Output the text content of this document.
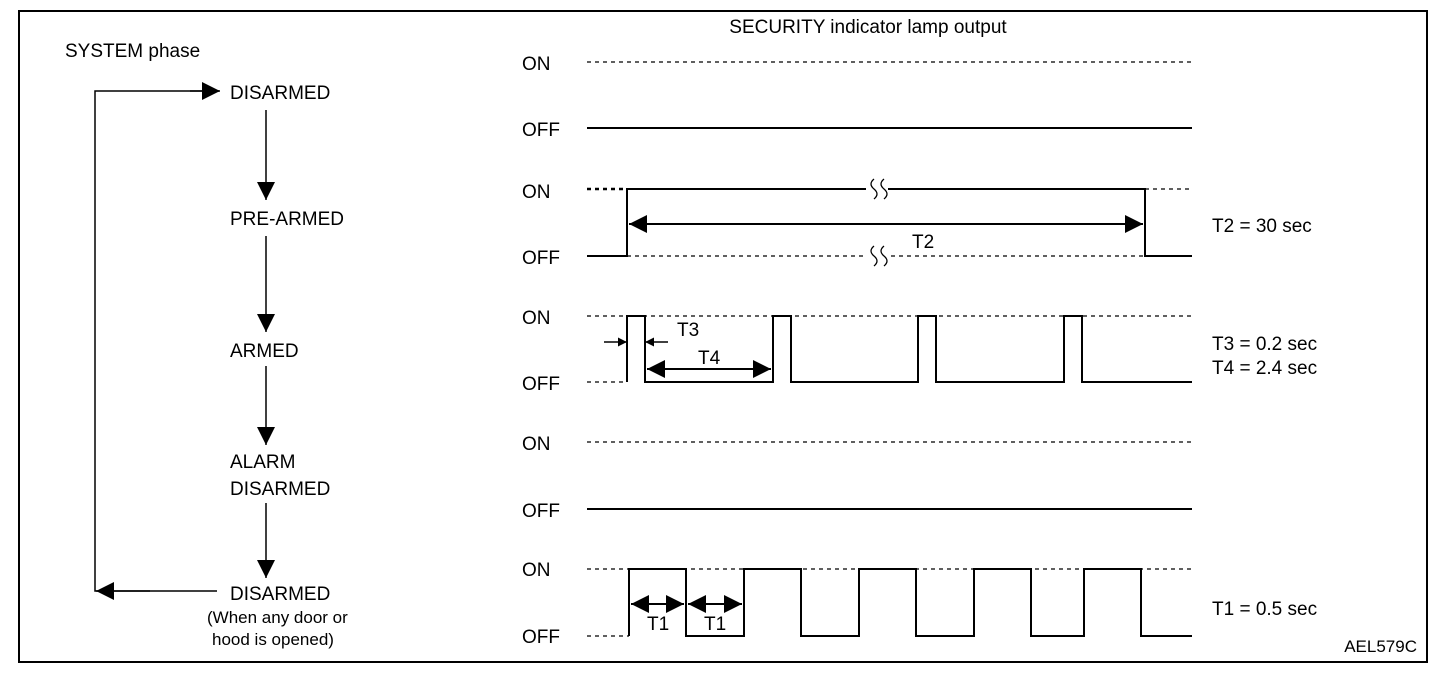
SECURITY indicator lamp output
SYSTEM phase
DISARMED
PRE-ARMED
ARMED
ALARM
DISARMED
DISARMED
(When any door or
hood is opened)
ON
OFF
ON
OFF
ON
OFF
ON
OFF
ON
OFF
T2
T2 = 30 sec
T3
T4
T3 = 0.2 sec
T4 = 2.4 sec
T1 T1
T1 = 0.5 sec
AEL579C
